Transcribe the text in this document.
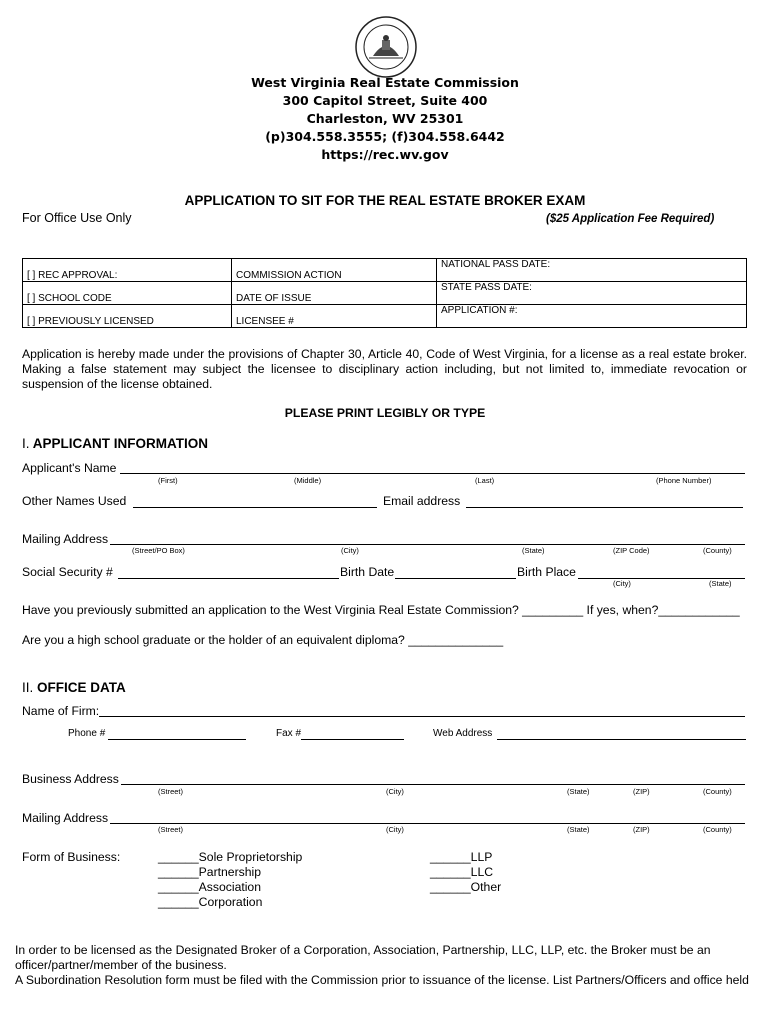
West Virginia Real Estate Commission
300 Capitol Street, Suite 400
Charleston, WV 25301
(p)304.558.3555; (f)304.558.6442
https://rec.wv.gov
APPLICATION TO SIT FOR THE REAL ESTATE BROKER EXAM
For Office Use Only	($25 Application Fee Required)
[ ] REC APPROVAL:	COMMISSION ACTION	NATIONAL PASS DATE:
[ ] SCHOOL CODE	DATE OF ISSUE	STATE PASS DATE:
[ ] PREVIOUSLY LICENSED	LICENSEE #	APPLICATION #:
Application is hereby made under the provisions of Chapter 30, Article 40, Code of West Virginia, for a license as a real estate broker. Making a false statement may subject the licensee to disciplinary action including, but not limited to, immediate revocation or suspension of the license obtained.
PLEASE PRINT LEGIBLY OR TYPE
I. APPLICANT INFORMATION
Applicant's Name
(First)	(Middle)	(Last)	(Phone Number)
Other Names Used	Email address
Mailing Address
(Street/PO Box)	(City)	(State)	(ZIP Code)	(County)
Social Security #	Birth Date	Birth Place
(City)	(State)
Have you previously submitted an application to the West Virginia Real Estate Commission? _________ If yes, when?____________
Are you a high school graduate or the holder of an equivalent diploma? ______________
II. OFFICE DATA
Name of Firm:
Phone #	Fax #	Web Address
Business Address
(Street)	(City)	(State)	(ZIP)	(County)
Mailing Address
(Street)	(City)	(State)	(ZIP)	(County)
Form of Business:	______Sole Proprietorship
______Partnership
______Association
______Corporation
______LLP
______LLC
______Other
In order to be licensed as the Designated Broker of a Corporation, Association, Partnership, LLC, LLP, etc. the Broker must be an officer/partner/member of the business.
A Subordination Resolution form must be filed with the Commission prior to issuance of the license. List Partners/Officers and office held
